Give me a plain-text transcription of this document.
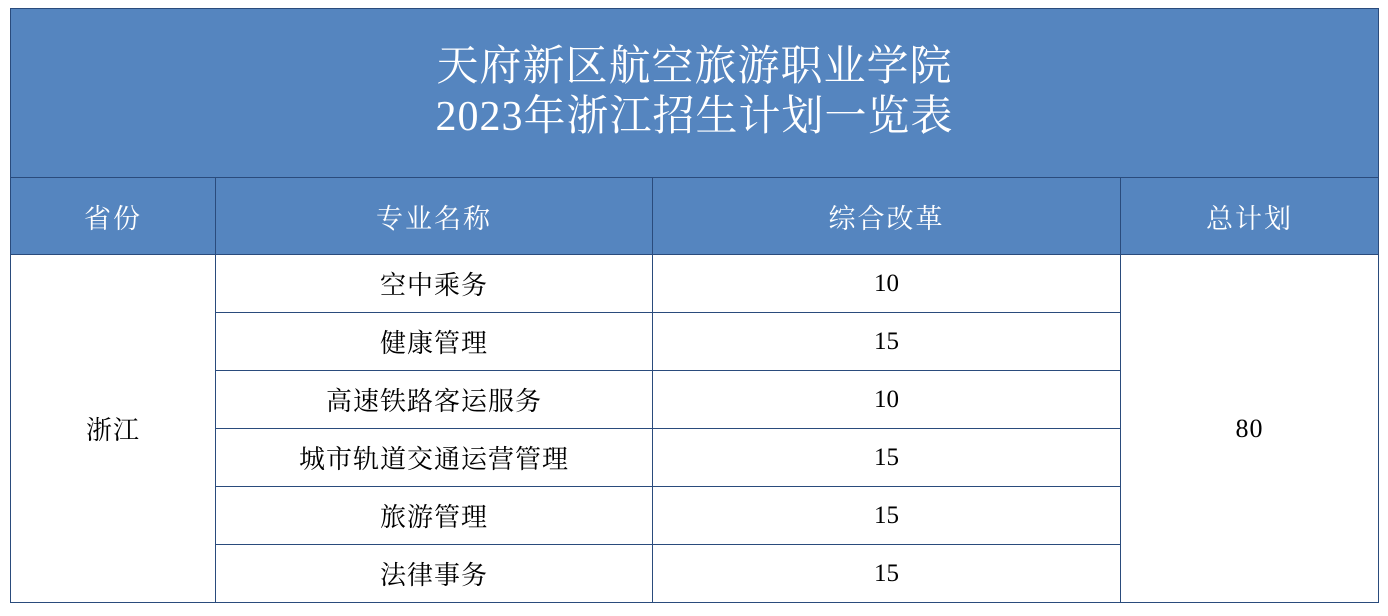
天府新区航空旅游职业学院
2023年浙江招生计划一览表			

省份	专业名称	综合改革	总计划
浙江	空中乘务	10	80
	健康管理	15	
	高速铁路客运服务	10	
	城市轨道交通运营管理	15	
	旅游管理	15	
	法律事务	15	
